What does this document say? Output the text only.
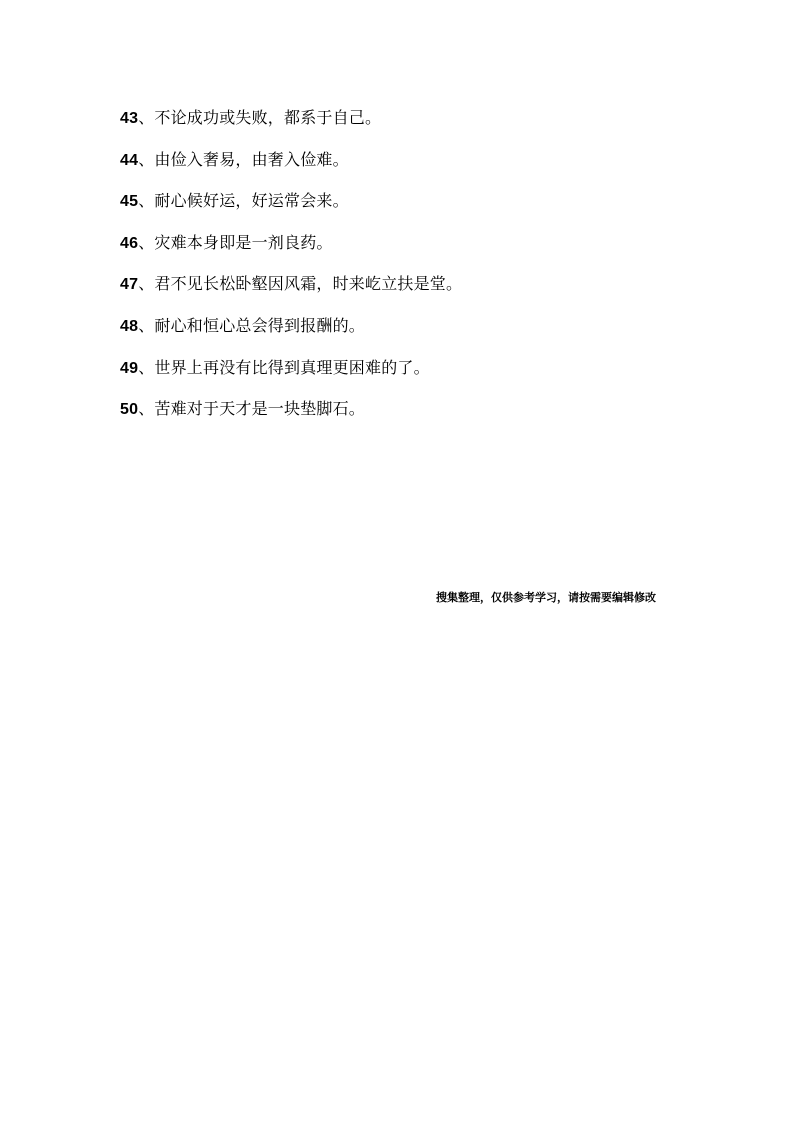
43、不论成功或失败，都系于自己。
44、由俭入奢易，由奢入俭难。
45、耐心候好运，好运常会来。
46、灾难本身即是一剂良药。
47、君不见长松卧壑因风霜，时来屹立扶是堂。
48、耐心和恒心总会得到报酬的。
49、世界上再没有比得到真理更困难的了。
50、苦难对于天才是一块垫脚石。
搜集整理，仅供参考学习，请按需要编辑修改
